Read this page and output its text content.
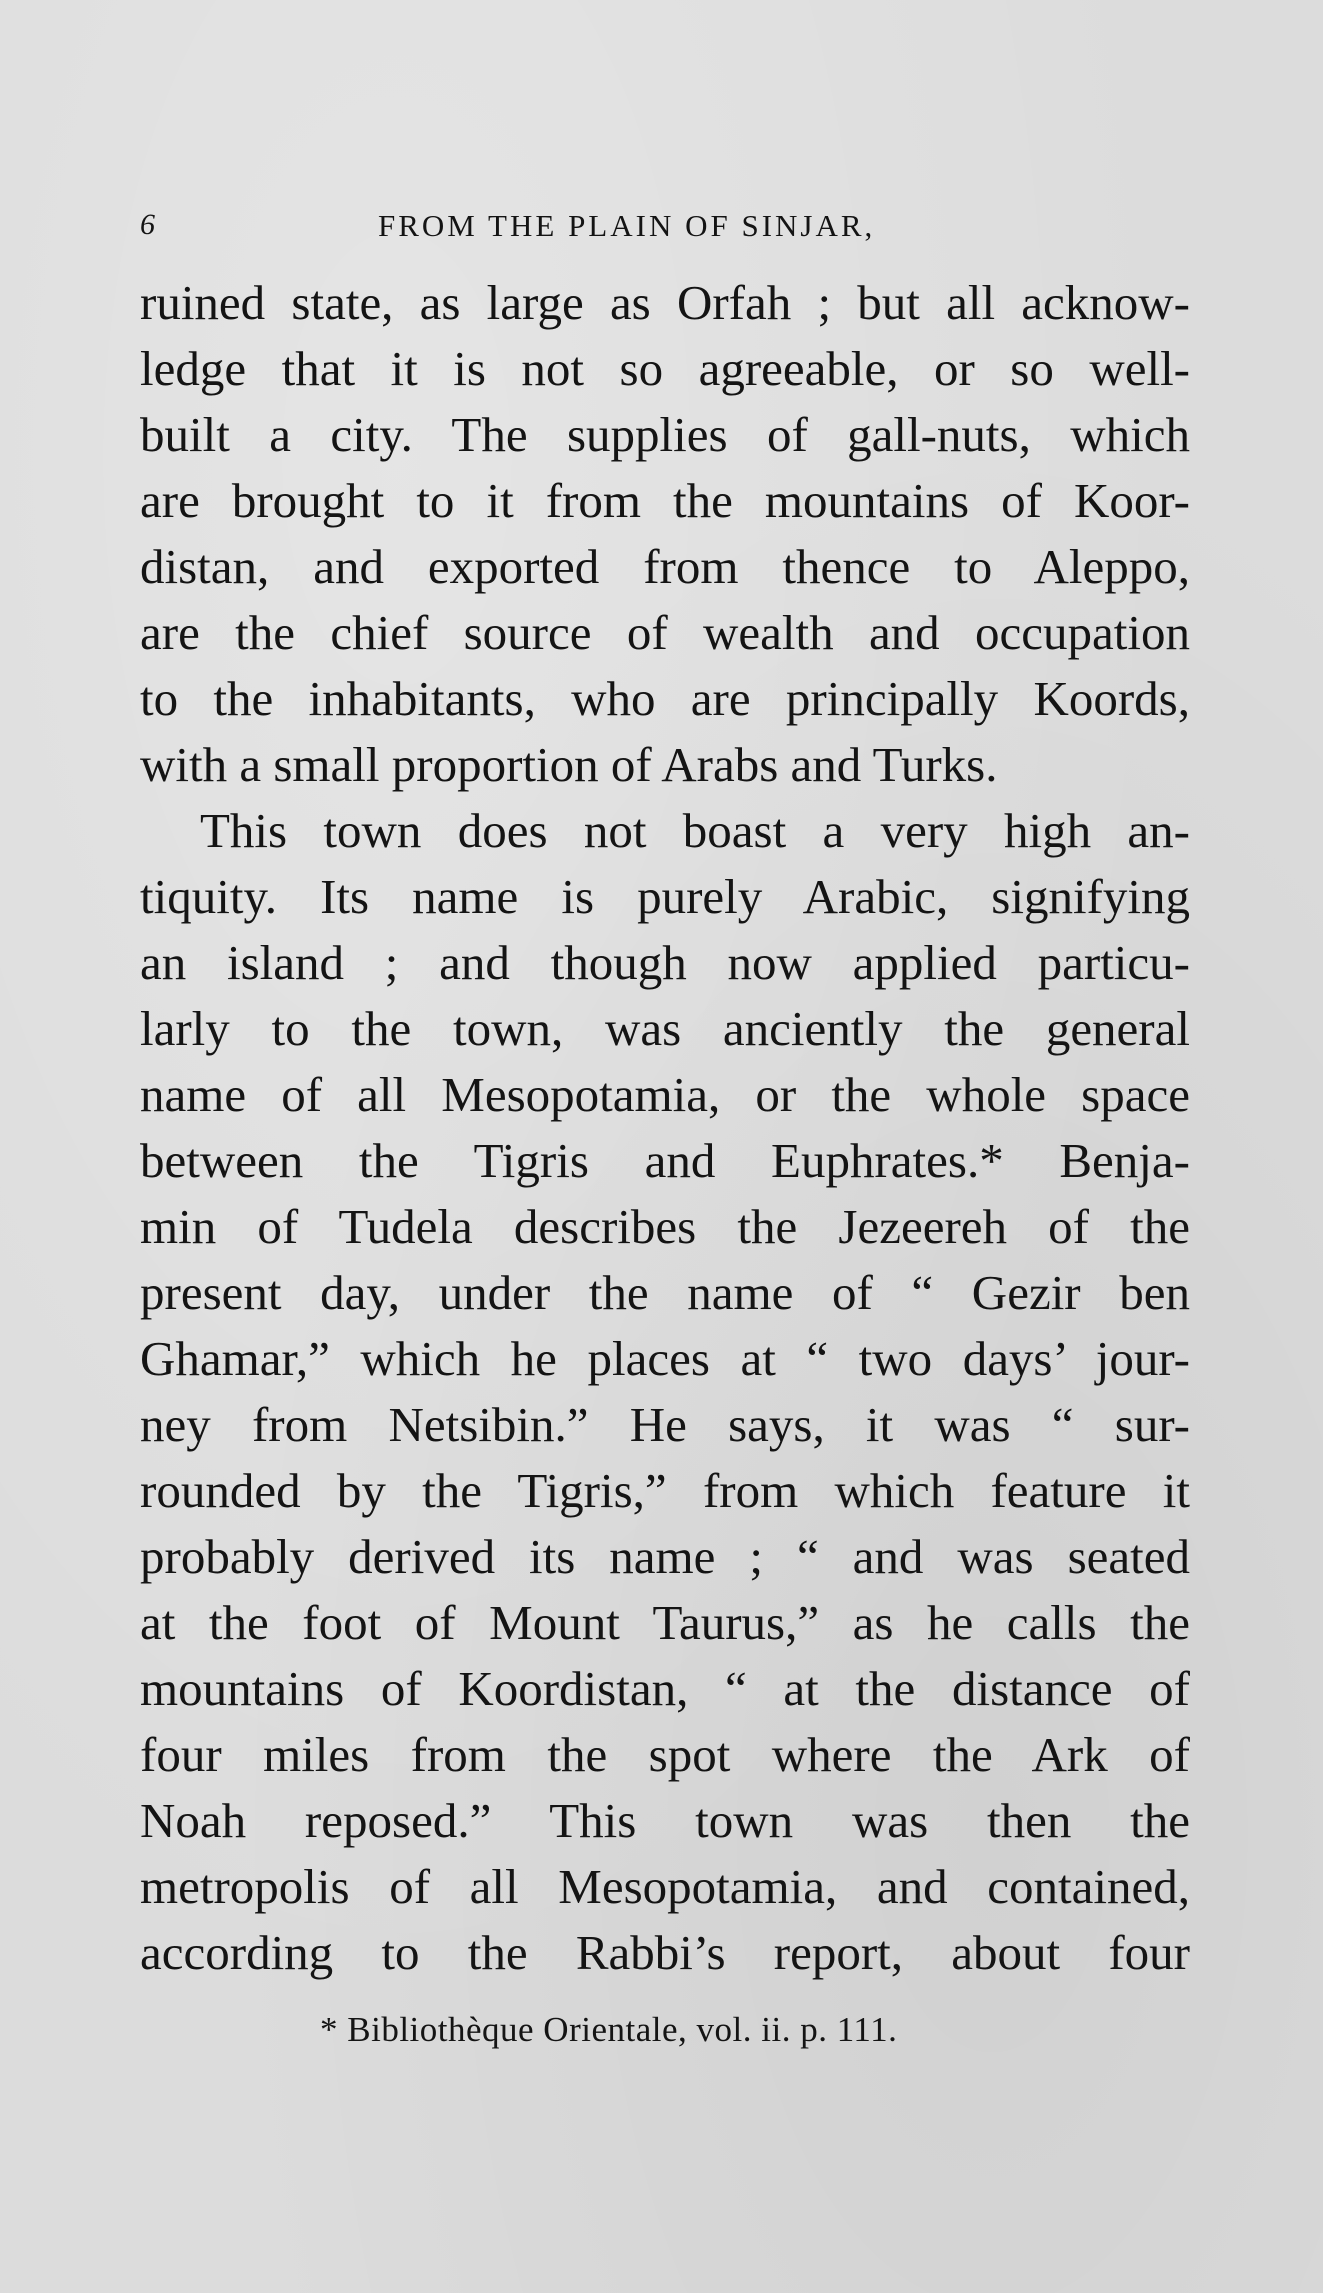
6	FROM THE PLAIN OF SINJAR,
ruined state, as large as Orfah ; but all acknow-
ledge that it is not so agreeable, or so well-
built a city. The supplies of gall-nuts, which
are brought to it from the mountains of Koor-
distan, and exported from thence to Aleppo,
are the chief source of wealth and occupation
to the inhabitants, who are principally Koords,
with a small proportion of Arabs and Turks.
This town does not boast a very high an-
tiquity. Its name is purely Arabic, signifying
an island ; and though now applied particu-
larly to the town, was anciently the general
name of all Mesopotamia, or the whole space
between the Tigris and Euphrates.* Benja-
min of Tudela describes the Jezeereh of the
present day, under the name of “ Gezir ben
Ghamar,” which he places at “ two days’ jour-
ney from Netsibin.” He says, it was “ sur-
rounded by the Tigris,” from which feature it
probably derived its name ; “ and was seated
at the foot of Mount Taurus,” as he calls the
mountains of Koordistan, “ at the distance of
four miles from the spot where the Ark of
Noah reposed.” This town was then the
metropolis of all Mesopotamia, and contained,
according to the Rabbi’s report, about four
* Bibliothèque Orientale, vol. ii. p. 111.
